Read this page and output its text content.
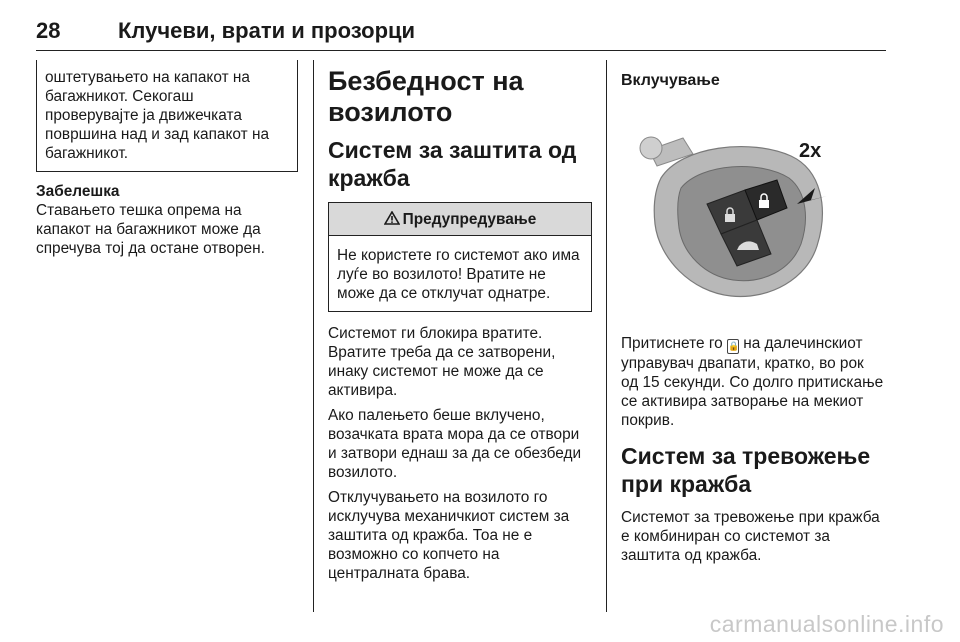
28	Клучеви, врати и прозорци

оштетувањето на капакот на багажникот. Секогаш проверувајте ја движечката површина над и зад капакот на багажникот.

Забелешка

Ставањето тешка опрема на капакот на багажникот може да спречува тој да остане отворен.

Безбедност на возилото
Систем за заштита од кражба
Предупредување

Не користете го системот ако има луѓе во возилото! Вратите не може да се отклучат однатре.

Системот ги блокира вратите. Вратите треба да се затворени, инаку системот не може да се активира.

Ако палењето беше вклучено, возачката врата мора да се отвори и затвори еднаш за да се обезбеди возилото.

Отклучувањето на возилото го исклучува механичкиот систем за заштита од кражба. Тоа не е возможно со копчето на централната брава.

Вклучување
2x

Притиснете го 🔒 на далечинскиот управувач двапати, кратко, во рок од 15 секунди. Со долго притискање се активира затворање на мекиот покрив.

Систем за тревожење при кражба

Системот за тревожење при кражба е комбиниран со системот за заштита од кражба.

carmanualsonline.info
